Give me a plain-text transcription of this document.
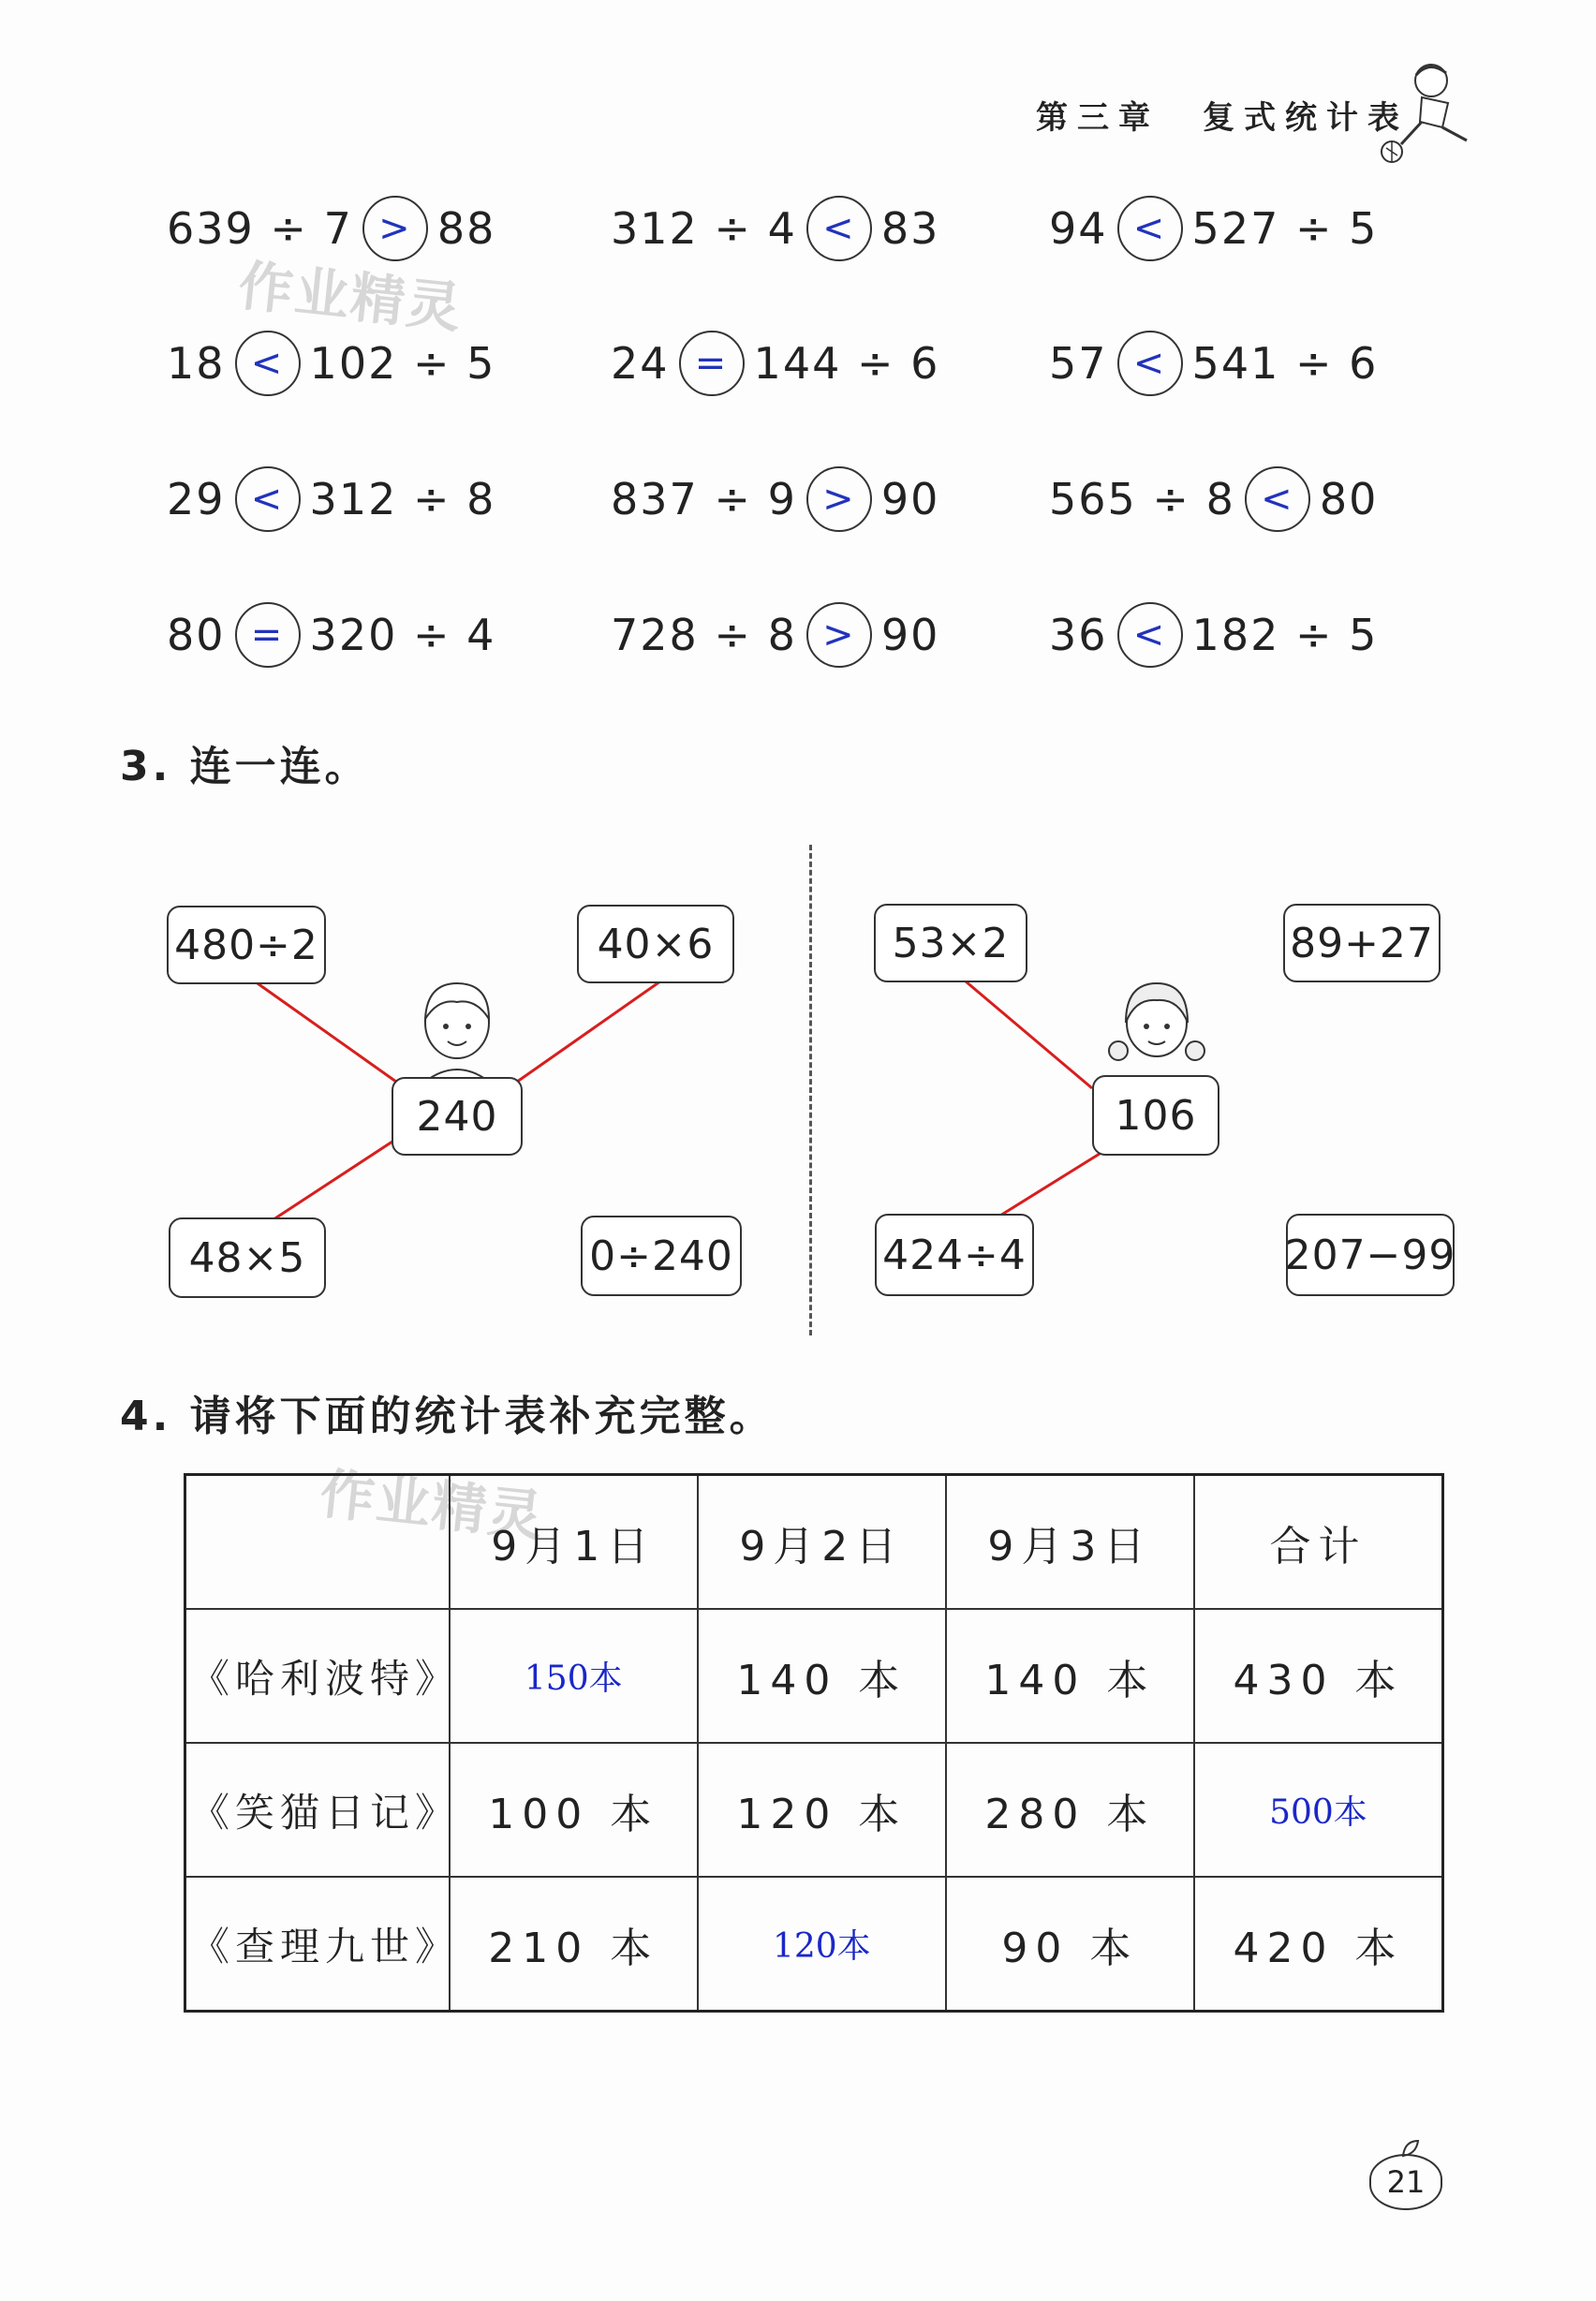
第三章 复式统计表
作业精灵
作业精灵
639 ÷ 7 > 88	312 ÷ 4 < 83	94 < 527 ÷ 5
18 < 102 ÷ 5	24 = 144 ÷ 6	57 < 541 ÷ 6
29 < 312 ÷ 8	837 ÷ 9 > 90	565 ÷ 8 < 80
80 = 320 ÷ 4	728 ÷ 8 > 90	36 < 182 ÷ 5
3. 连一连。
480÷2	40×6
240
48×5	0÷240
53×2	89+27
106
424÷4	207−99
4. 请将下面的统计表补充完整。
	9月1日	9月2日	9月3日	合计
《哈利波特》	150本	140 本	140 本	430 本
《笑猫日记》	100 本	120 本	280 本	500本
《查理九世》	210 本	120本	90 本	420 本
21
